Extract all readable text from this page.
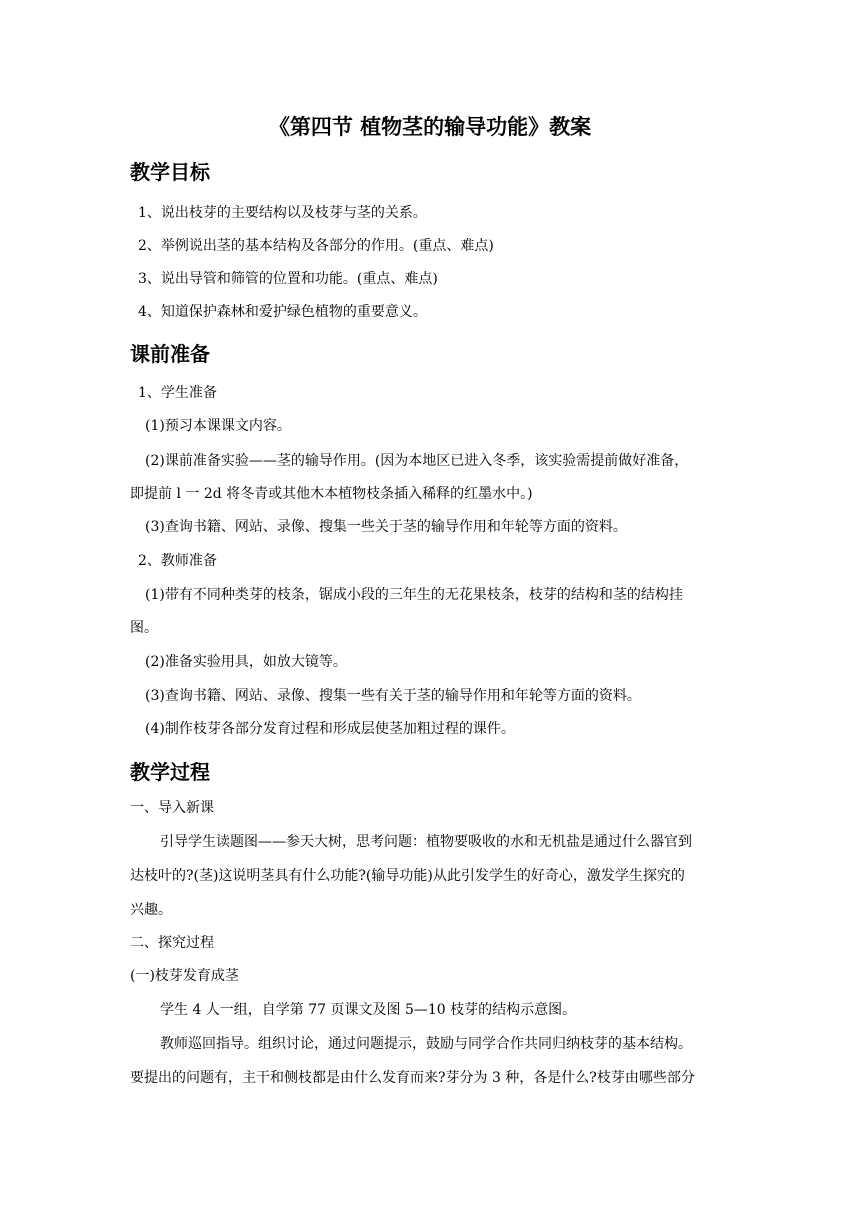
《第四节 植物茎的输导功能》教案
教学目标
1、说出枝芽的主要结构以及枝芽与茎的关系。
2、举例说出茎的基本结构及各部分的作用。(重点、难点)
3、说出导管和筛管的位置和功能。(重点、难点)
4、知道保护森林和爱护绿色植物的重要意义。
课前准备
1、学生准备
(1)预习本课课文内容。
(2)课前准备实验——茎的输导作用。(因为本地区已进入冬季，该实验需提前做好准备，
即提前 l 一 2d 将冬青或其他木本植物枝条插入稀释的红墨水中。)
(3)查询书籍、网站、录像、搜集一些关于茎的输导作用和年轮等方面的资料。
2、教师准备
(1)带有不同种类芽的枝条，锯成小段的三年生的无花果枝条，枝芽的结构和茎的结构挂
图。
(2)准备实验用具，如放大镜等。
(3)查询书籍、网站、录像、搜集一些有关于茎的输导作用和年轮等方面的资料。
(4)制作枝芽各部分发育过程和形成层使茎加粗过程的课件。
教学过程
一、导入新课
引导学生读题图——参天大树，思考问题：植物要吸收的水和无机盐是通过什么器官到
达枝叶的?(茎)这说明茎具有什么功能?(输导功能)从此引发学生的好奇心，激发学生探究的
兴趣。
二、探究过程
(一)枝芽发育成茎
学生 4 人一组，自学第 77 页课文及图 5—10 枝芽的结构示意图。
教师巡回指导。组织讨论，通过问题提示，鼓励与同学合作共同归纳枝芽的基本结构。
要提出的问题有，主干和侧枝都是由什么发育而来?芽分为 3 种，各是什么?枝芽由哪些部分
